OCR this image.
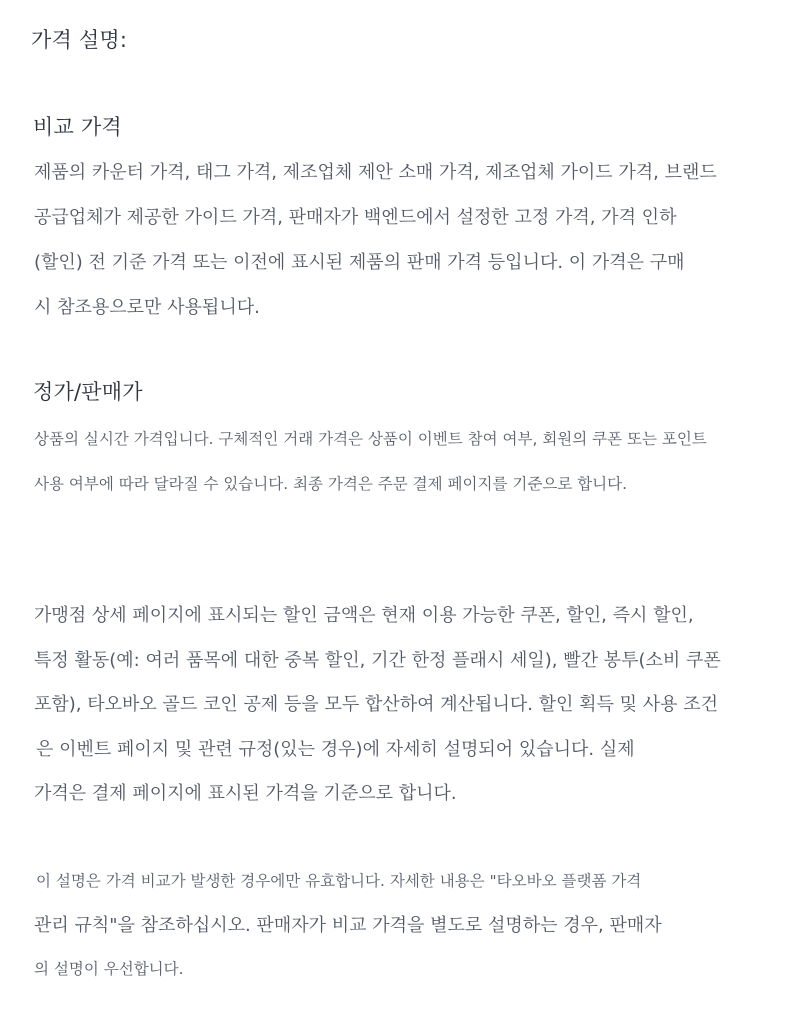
가격 설명:
비교 가격
제품의 카운터 가격, 태그 가격, 제조업체 제안 소매 가격, 제조업체 가이드 가격, 브랜드
공급업체가 제공한 가이드 가격, 판매자가 백엔드에서 설정한 고정 가격, 가격 인하
(할인) 전 기준 가격 또는 이전에 표시된 제품의 판매 가격 등입니다. 이 가격은 구매
시 참조용으로만 사용됩니다.
정가/판매가
상품의 실시간 가격입니다. 구체적인 거래 가격은 상품이 이벤트 참여 여부, 회원의 쿠폰 또는 포인트
사용 여부에 따라 달라질 수 있습니다. 최종 가격은 주문 결제 페이지를 기준으로 합니다.
가맹점 상세 페이지에 표시되는 할인 금액은 현재 이용 가능한 쿠폰, 할인, 즉시 할인,
특정 활동(예: 여러 품목에 대한 중복 할인, 기간 한정 플래시 세일), 빨간 봉투(소비 쿠폰
포함), 타오바오 골드 코인 공제 등을 모두 합산하여 계산됩니다. 할인 획득 및 사용 조건
은 이벤트 페이지 및 관련 규정(있는 경우)에 자세히 설명되어 있습니다. 실제
가격은 결제 페이지에 표시된 가격을 기준으로 합니다.
이 설명은 가격 비교가 발생한 경우에만 유효합니다. 자세한 내용은 "타오바오 플랫폼 가격
관리 규칙"을 참조하십시오. 판매자가 비교 가격을 별도로 설명하는 경우, 판매자
의 설명이 우선합니다.
